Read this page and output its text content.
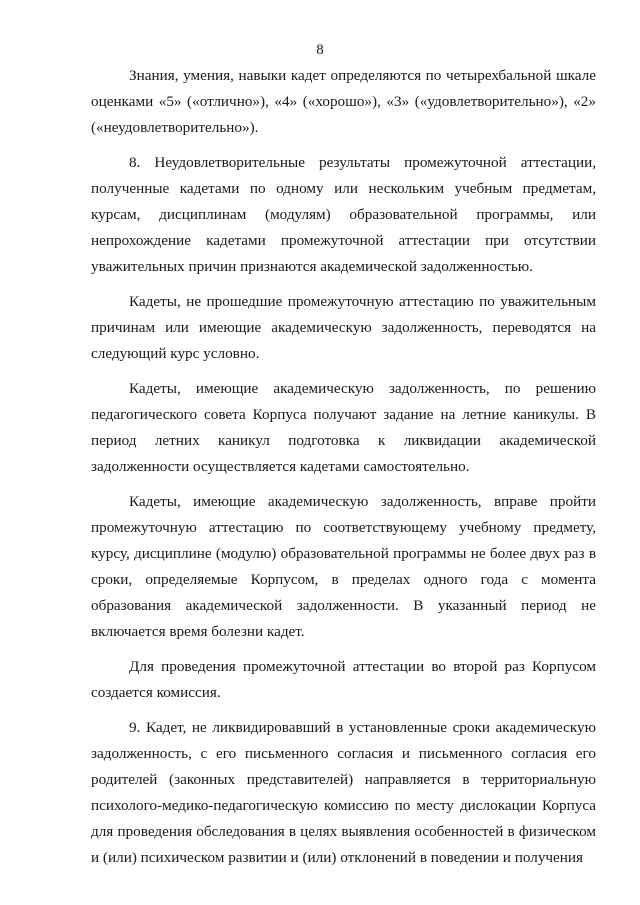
8

Знания, умения, навыки кадет определяются по четырехбальной шкале оценками «5» («отлично»), «4» («хорошо»), «3» («удовлетворительно»), «2» («неудовлетворительно»).

8. Неудовлетворительные результаты промежуточной аттестации, полученные кадетами по одному или нескольким учебным предметам, курсам, дисциплинам (модулям) образовательной программы, или непрохождение кадетами промежуточной аттестации при отсутствии уважительных причин признаются академической задолженностью.

Кадеты, не прошедшие промежуточную аттестацию по уважительным причинам или имеющие академическую задолженность, переводятся на следующий курс условно.

Кадеты, имеющие академическую задолженность, по решению педагогического совета Корпуса получают задание на летние каникулы. В период летних каникул подготовка к ликвидации академической задолженности осуществляется кадетами самостоятельно.

Кадеты, имеющие академическую задолженность, вправе пройти промежуточную аттестацию по соответствующему учебному предмету, курсу, дисциплине (модулю) образовательной программы не более двух раз в сроки, определяемые Корпусом, в пределах одного года с момента образования академической задолженности. В указанный период не включается время болезни кадет.

Для проведения промежуточной аттестации во второй раз Корпусом создается комиссия.

9. Кадет, не ликвидировавший в установленные сроки академическую задолженность, с его письменного согласия и письменного согласия его родителей (законных представителей) направляется в территориальную психолого-медико-педагогическую комиссию по месту дислокации Корпуса для проведения обследования в целях выявления особенностей в физическом и (или) психическом развитии и (или) отклонений в поведении и получения
